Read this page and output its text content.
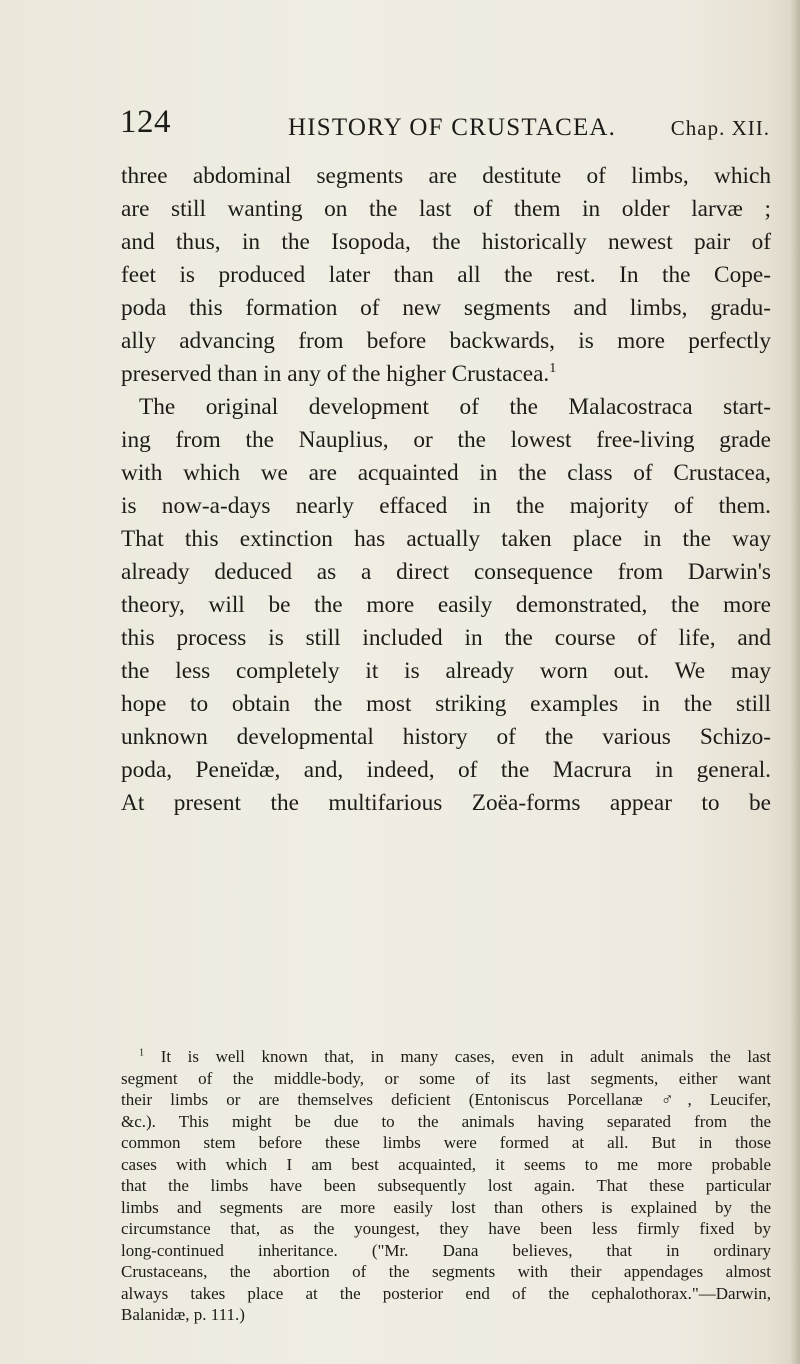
124	HISTORY OF CRUSTACEA.	Chap. XII.
three abdominal segments are destitute of limbs, which
are still wanting on the last of them in older larvæ ;
and thus, in the Isopoda, the historically newest pair of
feet is produced later than all the rest. In the Cope-
poda this formation of new segments and limbs, gradu-
ally advancing from before backwards, is more perfectly
preserved than in any of the higher Crustacea.$^1$
The original development of the Malacostraca start-
ing from the Nauplius, or the lowest free-living grade
with which we are acquainted in the class of Crustacea,
is now-a-days nearly effaced in the majority of them.
That this extinction has actually taken place in the way
already deduced as a direct consequence from Darwin's
theory, will be the more easily demonstrated, the more
this process is still included in the course of life, and
the less completely it is already worn out. We may
hope to obtain the most striking examples in the still
unknown developmental history of the various Schizo-
poda, Peneïdæ, and, indeed, of the Macrura in general.
At present the multifarious Zoëa-forms appear to be
$^1$ It is well known that, in many cases, even in adult animals the last
segment of the middle-body, or some of its last segments, either want
their limbs or are themselves deficient (Entoniscus Porcellanæ ♂, Leucifer,
&c.). This might be due to the animals having separated from the
common stem before these limbs were formed at all. But in those
cases with which I am best acquainted, it seems to me more probable
that the limbs have been subsequently lost again. That these particular
limbs and segments are more easily lost than others is explained by the
circumstance that, as the youngest, they have been less firmly fixed by
long-continued inheritance. ("Mr. Dana believes, that in ordinary
Crustaceans, the abortion of the segments with their appendages almost
always takes place at the posterior end of the cephalothorax."—Darwin,
Balanidæ, p. 111.)
